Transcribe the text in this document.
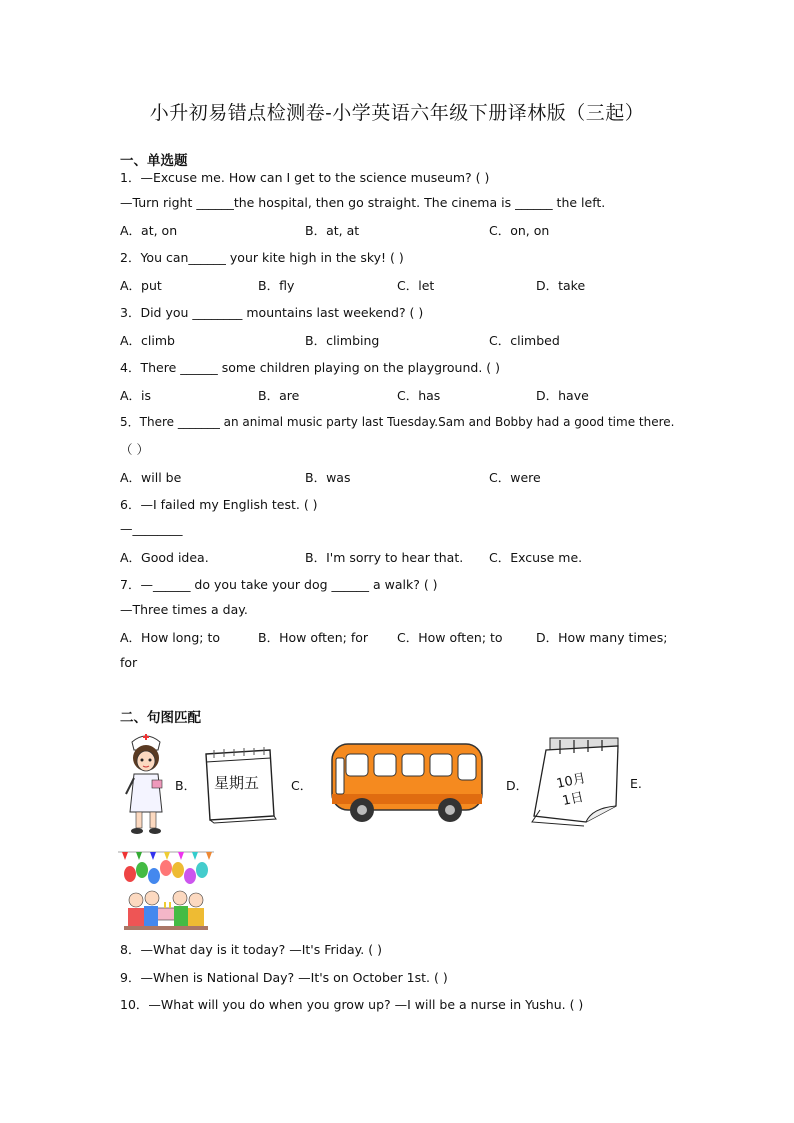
小升初易错点检测卷-小学英语六年级下册译林版（三起）
一、单选题
1．—Excuse me. How can I get to the science museum? ( )
—Turn right ______the hospital, then go straight. The cinema is ______ the left.
A．at, on	B．at, at	C．on, on
2．You can______ your kite high in the sky! ( )
A．put	B．fly	C．let	D．take
3．Did you ________ mountains last weekend? ( )
A．climb	B．climbing	C．climbed
4．There ______ some children playing on the playground. ( )
A．is	B．are	C．has	D．have
5．There _______ an animal music party last Tuesday.Sam and Bobby had a good time there.
（ ）
A．will be	B．was	C．were
6．—I failed my English test. ( )
—________
A．Good idea.	B．I'm sorry to hear that. C．Excuse me.
7．—______ do you take your dog ______ a walk? ( )
—Three times a day.
A．How long; to	B．How often; for C．How often; to	D．How many times;
for
二、句图匹配
B． 星期五	C．	D． 10月
1日
E.
8．—What day is it today? —It's Friday. ( )
9．—When is National Day? —It's on October 1st. ( )
10．—What will you do when you grow up? —I will be a nurse in Yushu. ( )
